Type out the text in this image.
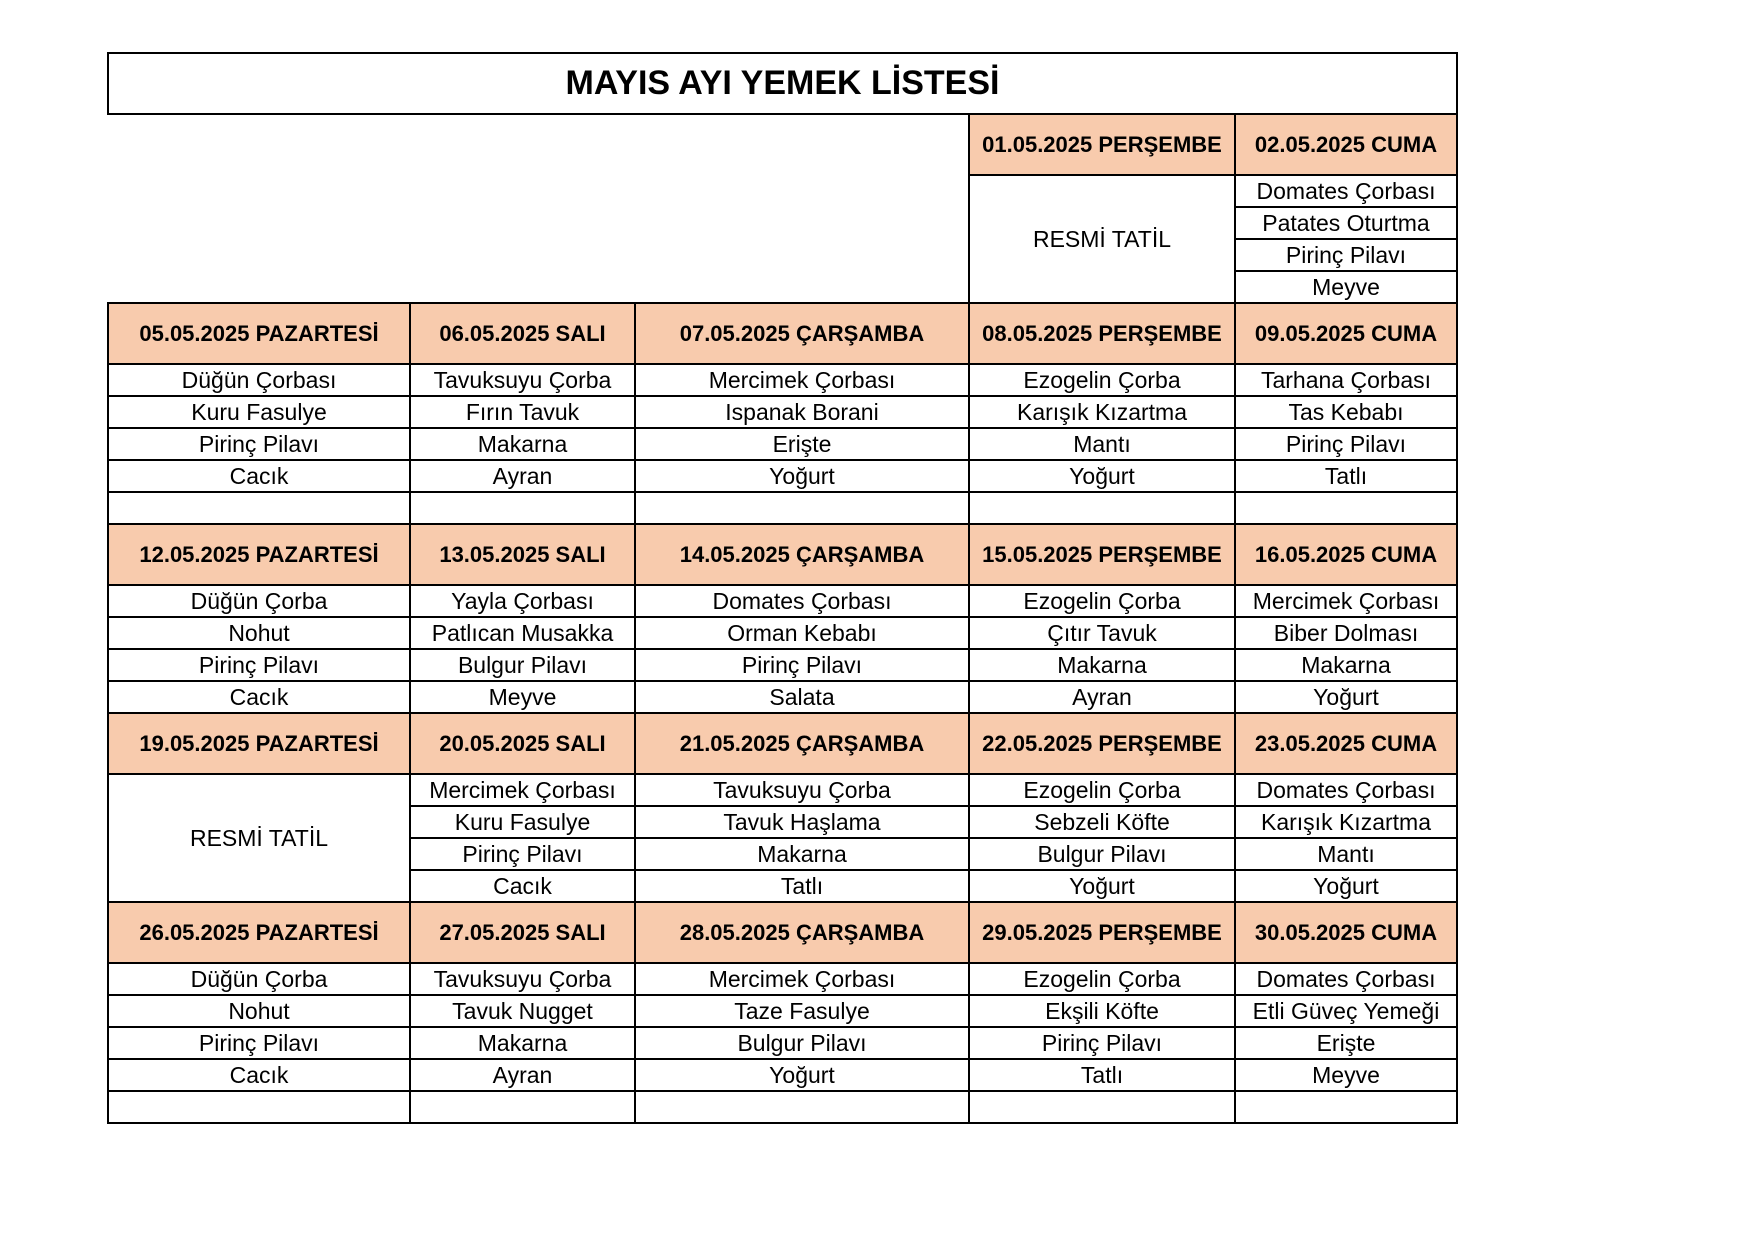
MAYIS AYI YEMEK LİSTESİ				
			01.05.2025 PERŞEMBE	02.05.2025 CUMA
			RESMİ TATİL	Domates Çorbası
				Patates Oturtma
				Pirinç Pilavı
				Meyve
05.05.2025 PAZARTESİ	06.05.2025 SALI	07.05.2025 ÇARŞAMBA	08.05.2025 PERŞEMBE	09.05.2025 CUMA
Düğün Çorbası	Tavuksuyu Çorba	Mercimek Çorbası	Ezogelin Çorba	Tarhana Çorbası
Kuru Fasulye	Fırın Tavuk	Ispanak Borani	Karışık Kızartma	Tas Kebabı
Pirinç Pilavı	Makarna	Erişte	Mantı	Pirinç Pilavı
Cacık	Ayran	Yoğurt	Yoğurt	Tatlı

12.05.2025 PAZARTESİ	13.05.2025 SALI	14.05.2025 ÇARŞAMBA	15.05.2025 PERŞEMBE	16.05.2025 CUMA
Düğün Çorba	Yayla Çorbası	Domates Çorbası	Ezogelin Çorba	Mercimek Çorbası
Nohut	Patlıcan Musakka	Orman Kebabı	Çıtır Tavuk	Biber Dolması
Pirinç Pilavı	Bulgur Pilavı	Pirinç Pilavı	Makarna	Makarna
Cacık	Meyve	Salata	Ayran	Yoğurt
19.05.2025 PAZARTESİ	20.05.2025 SALI	21.05.2025 ÇARŞAMBA	22.05.2025 PERŞEMBE	23.05.2025 CUMA
RESMİ TATİL	Mercimek Çorbası	Tavuksuyu Çorba	Ezogelin Çorba	Domates Çorbası
	Kuru Fasulye	Tavuk Haşlama	Sebzeli Köfte	Karışık Kızartma
	Pirinç Pilavı	Makarna	Bulgur Pilavı	Mantı
	Cacık	Tatlı	Yoğurt	Yoğurt
26.05.2025 PAZARTESİ	27.05.2025 SALI	28.05.2025 ÇARŞAMBA	29.05.2025 PERŞEMBE	30.05.2025 CUMA
Düğün Çorba	Tavuksuyu Çorba	Mercimek Çorbası	Ezogelin Çorba	Domates Çorbası
Nohut	Tavuk Nugget	Taze Fasulye	Ekşili Köfte	Etli Güveç Yemeği
Pirinç Pilavı	Makarna	Bulgur Pilavı	Pirinç Pilavı	Erişte
Cacık	Ayran	Yoğurt	Tatlı	Meyve
